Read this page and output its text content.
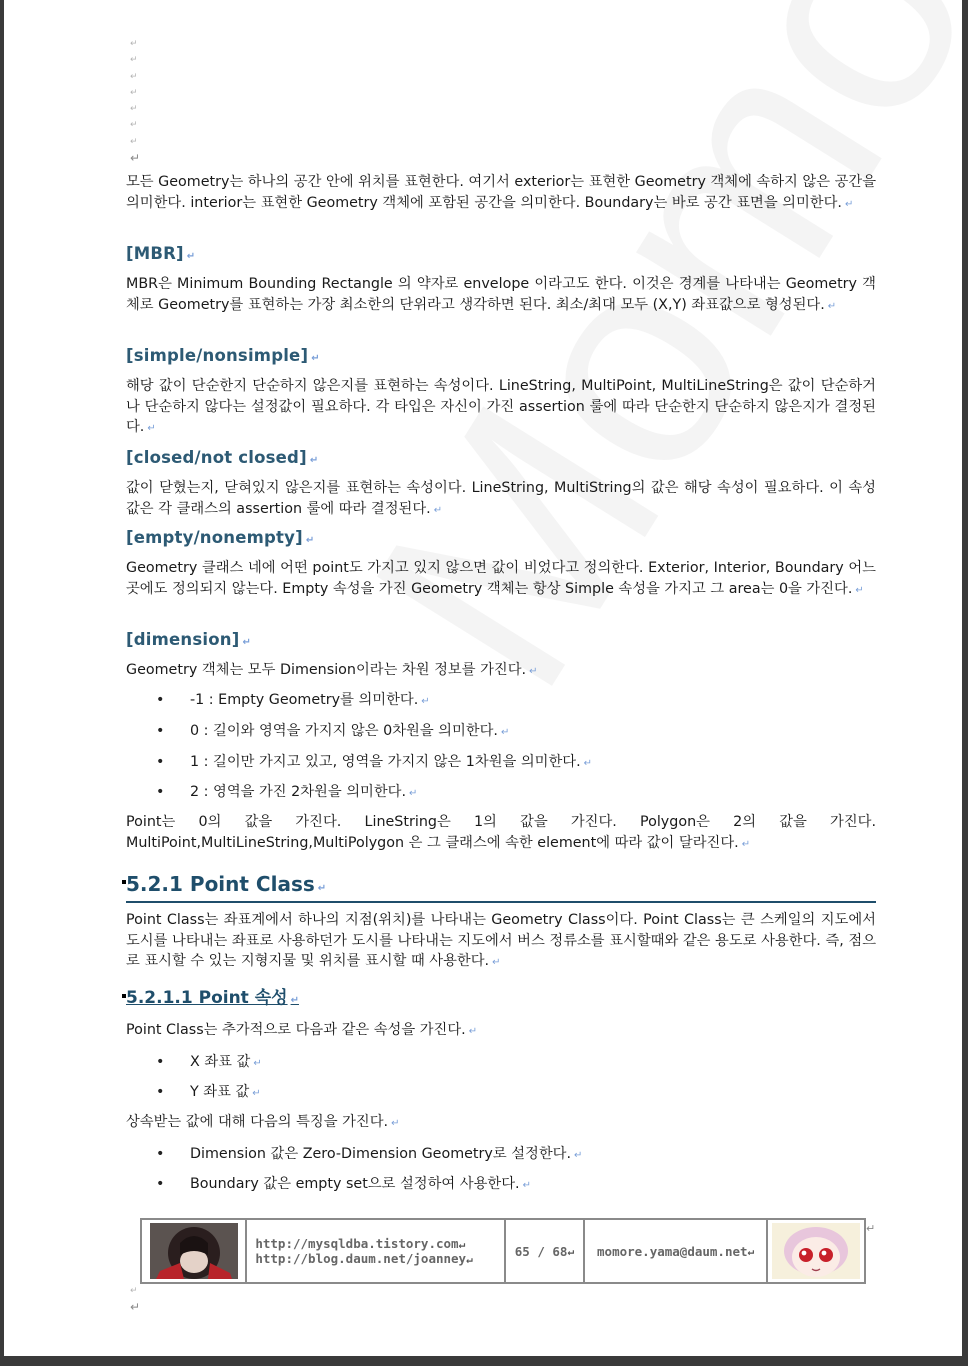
↵
↵
↵
↵
↵
↵
↵
↵

모든 Geometry는 하나의 공간 안에 위치를 표현한다. 여기서 exterior는 표현한 Geometry 객체에 속하지 않은 공간을 의미한다. interior는 표현한 Geometry 객체에 포함된 공간을 의미한다. Boundary는 바로 공간 표면을 의미한다. ↵

[MBR] ↵

MBR은 Minimum Bounding Rectangle 의 약자로 envelope 이라고도 한다. 이것은 경계를 나타내는 Geometry 객체로 Geometry를 표현하는 가장 최소한의 단위라고 생각하면 된다. 최소/최대 모두 (X,Y) 좌표값으로 형성된다. ↵

[simple/nonsimple] ↵

해당 값이 단순한지 단순하지 않은지를 표현하는 속성이다. LineString, MultiPoint, MultiLineString은 값이 단순하거나 단순하지 않다는 설정값이 필요하다. 각 타입은 자신이 가진 assertion 룰에 따라 단순한지 단순하지 않은지가 결정된다. ↵

[closed/not closed] ↵

값이 닫혔는지, 닫혀있지 않은지를 표현하는 속성이다. LineString, MultiString의 값은 해당 속성이 필요하다. 이 속성값은 각 클래스의 assertion 룰에 따라 결정된다. ↵

[empty/nonempty] ↵

Geometry 클래스 네에 어떤 point도 가지고 있지 않으면 값이 비었다고 정의한다. Exterior, Interior, Boundary 어느 곳에도 정의되지 않는다. Empty 속성을 가진 Geometry 객체는 항상 Simple 속성을 가지고 그 area는 0을 가진다. ↵

[dimension] ↵

Geometry 객체는 모두 Dimension이라는 차원 정보를 가진다. ↵

• -1 : Empty Geometry를 의미한다. ↵
• 0 : 길이와 영역을 가지지 않은 0차원을 의미한다. ↵
• 1 : 길이만 가지고 있고, 영역을 가지지 않은 1차원을 의미한다. ↵
• 2 : 영역을 가진 2차원을 의미한다. ↵

Point는 0의 값을 가진다. LineString은 1의 값을 가진다. Polygon은 2의 값을 가진다. MultiPoint,MultiLineString,MultiPolygon 은 그 클래스에 속한 element에 따라 값이 달라진다. ↵

5.2.1 Point Class ↵

Point Class는 좌표계에서 하나의 지점(위치)를 나타내는 Geometry Class이다. Point Class는 큰 스케일의 지도에서 도시를 나타내는 좌표로 사용하던가 도시를 나타내는 지도에서 버스 정류소를 표시할때와 같은 용도로 사용한다. 즉, 점으로 표시할 수 있는 지형지물 및 위치를 표시할 때 사용한다. ↵

5.2.1.1 Point 속성 ↵

Point Class는 추가적으로 다음과 같은 속성을 가진다. ↵

• X 좌표 값 ↵
• Y 좌표 값 ↵

상속받는 값에 대해 다음의 특징을 가진다. ↵

• Dimension 값은 Zero-Dimension Geometry로 설정한다. ↵
• Boundary 값은 empty set으로 설정하여 사용한다. ↵
http://mysqldba.tistory.com↵
http://blog.daum.net/joanney↵
65 / 68 ↵ momore.yama@daum.net ↵
↵
↵
↵
